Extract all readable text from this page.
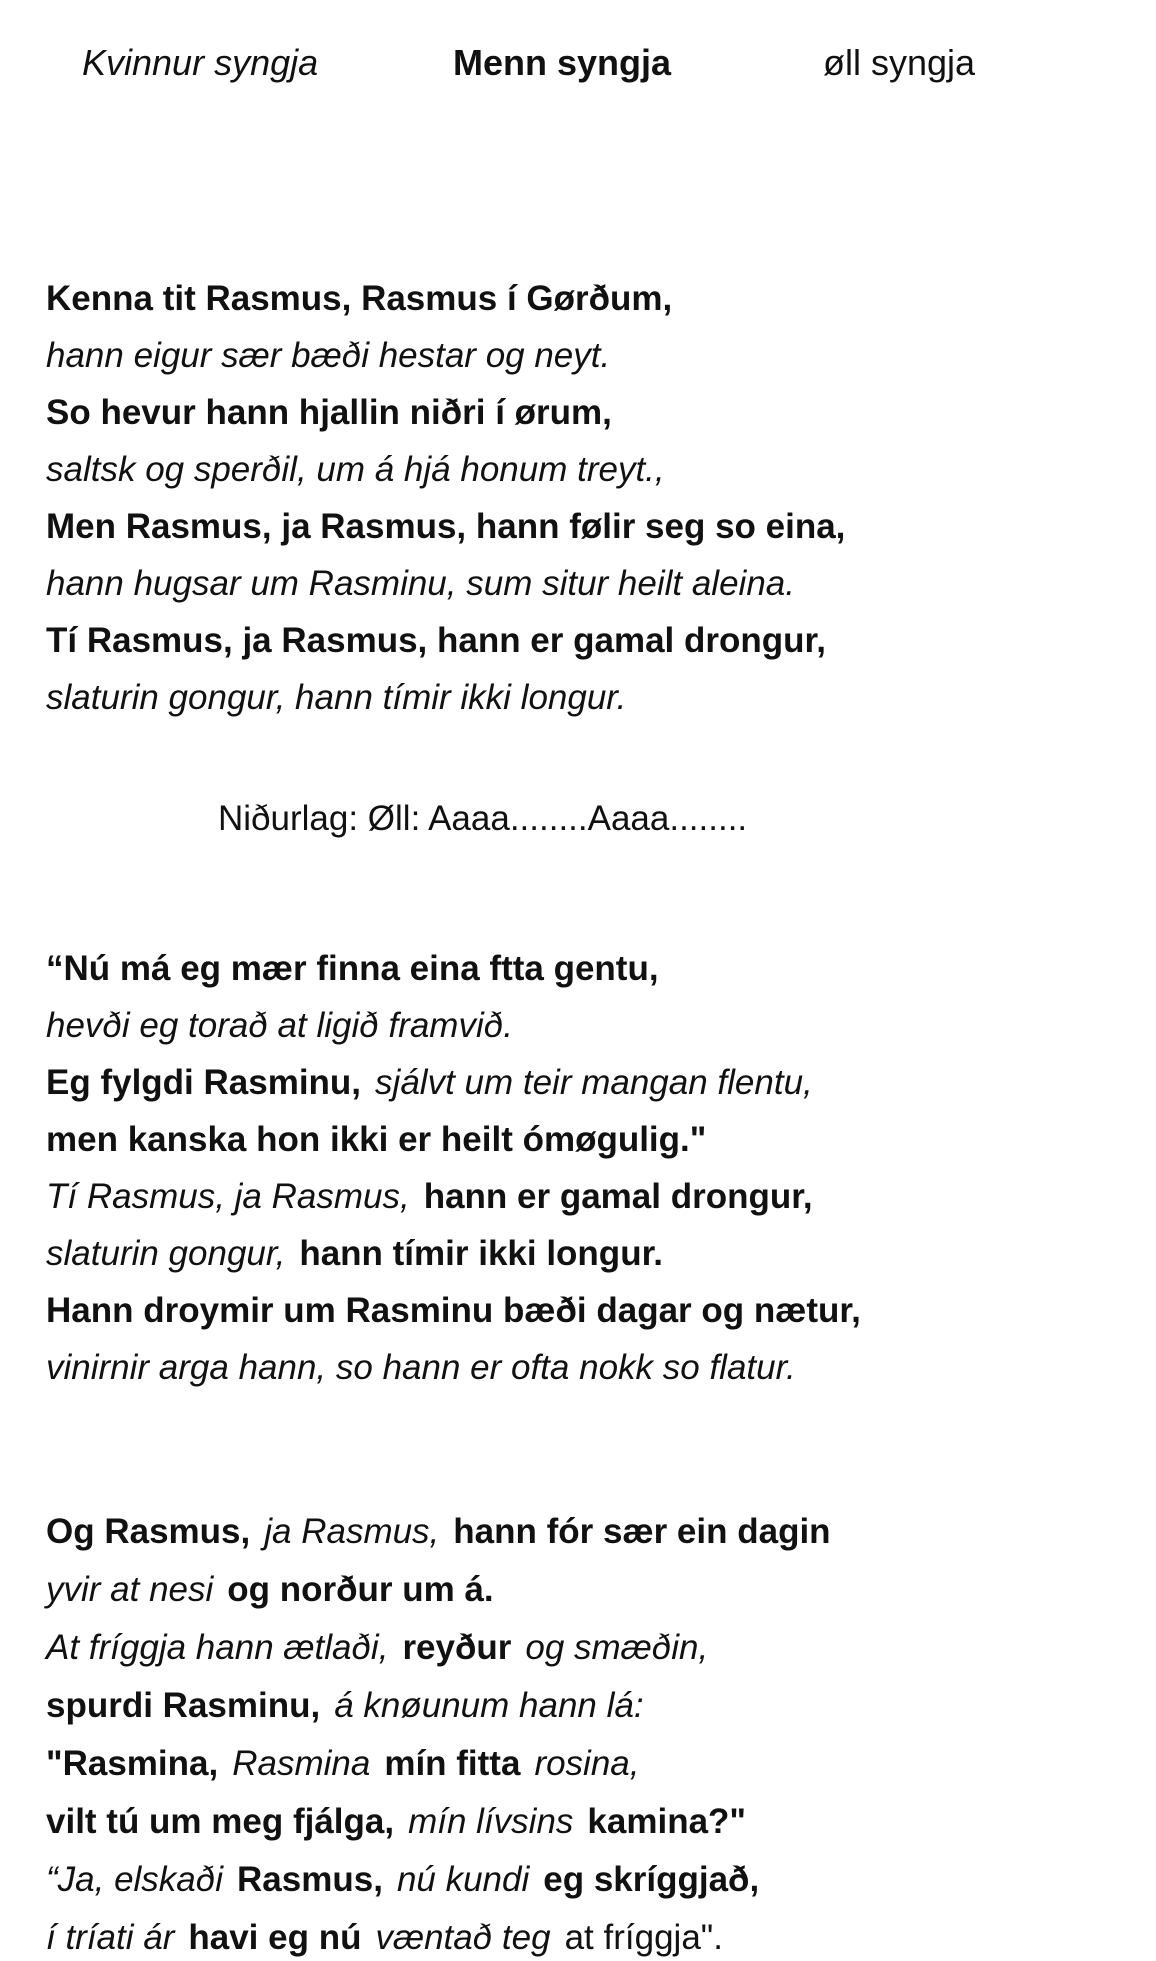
Kvinnur syngja	Menn syngja	øll syngja
Kenna tit Rasmus, Rasmus í Gørðum,
hann eigur sær bæði hestar og neyt.
So hevur hann hjallin niðri í ørum,
saltsk og sperðil, um á hjá honum treyt.,
Men Rasmus, ja Rasmus, hann følir seg so eina,
hann hugsar um Rasminu, sum situr heilt aleina.
Tí Rasmus, ja Rasmus, hann er gamal drongur,
slaturin gongur, hann tímir ikki longur.
Niðurlag: Øll: Aaaa........Aaaa........
“Nú má eg mær finna eina ftta gentu,
hevði eg torað at ligið framvið.
Eg fylgdi Rasminu, sjálvt um teir mangan flentu,
men kanska hon ikki er heilt ómøgulig."
Tí Rasmus, ja Rasmus, hann er gamal drongur,
slaturin gongur, hann tímir ikki longur.
Hann droymir um Rasminu bæði dagar og nætur,
vinirnir arga hann, so hann er ofta nokk so flatur.
Og Rasmus, ja Rasmus, hann fór sær ein dagin
yvir at nesi og norður um á.
At fríggja hann ætlaði, reyður og smæðin,
spurdi Rasminu, á knøunum hann lá:
"Rasmina, Rasmina mín fitta rosina,
vilt tú um meg fjálga, mín lívsins kamina?"
“Ja, elskaði Rasmus, nú kundi eg skríggjað,
í tríati ár havi eg nú væntað teg at fríggja".
